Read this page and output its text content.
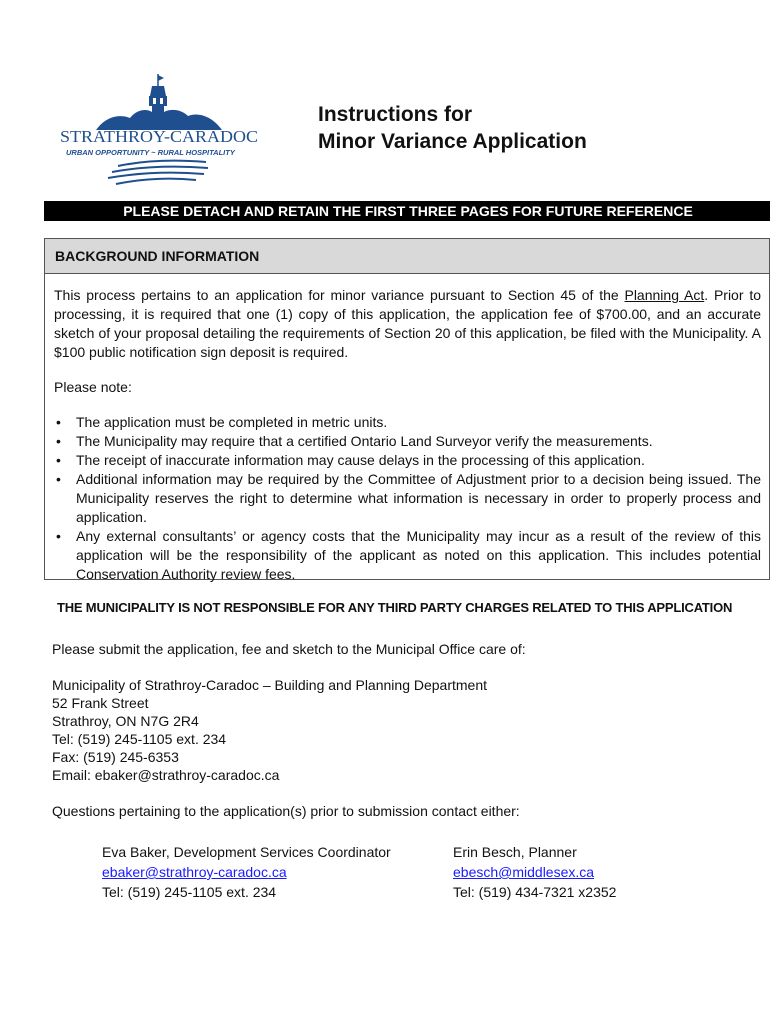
STRATHROY-CARADOC
URBAN OPPORTUNITY ~ RURAL HOSPITALITY
Instructions for
Minor Variance Application
PLEASE DETACH AND RETAIN THE FIRST THREE PAGES FOR FUTURE REFERENCE
BACKGROUND INFORMATION

This process pertains to an application for minor variance pursuant to Section 45 of the Planning Act. Prior to processing, it is required that one (1) copy of this application, the application fee of $700.00, and an accurate sketch of your proposal detailing the requirements of Section 20 of this application, be filed with the Municipality. A $100 public notification sign deposit is required.

Please note:

• The application must be completed in metric units.
• The Municipality may require that a certified Ontario Land Surveyor verify the measurements.
• The receipt of inaccurate information may cause delays in the processing of this application.
• Additional information may be required by the Committee of Adjustment prior to a decision being issued. The Municipality reserves the right to determine what information is necessary in order to properly process and application.
• Any external consultants’ or agency costs that the Municipality may incur as a result of the review of this application will be the responsibility of the applicant as noted on this application. This includes potential Conservation Authority review fees.
THE MUNICIPALITY IS NOT RESPONSIBLE FOR ANY THIRD PARTY CHARGES RELATED TO THIS APPLICATION
Please submit the application, fee and sketch to the Municipal Office care of:
Municipality of Strathroy-Caradoc – Building and Planning Department
52 Frank Street
Strathroy, ON N7G 2R4
Tel: (519) 245-1105 ext. 234
Fax: (519) 245-6353
Email: ebaker@strathroy-caradoc.ca
Questions pertaining to the application(s) prior to submission contact either:
Eva Baker, Development Services Coordinator
ebaker@strathroy-caradoc.ca
Tel: (519) 245-1105 ext. 234
Erin Besch, Planner
ebesch@middlesex.ca
Tel: (519) 434-7321 x2352
